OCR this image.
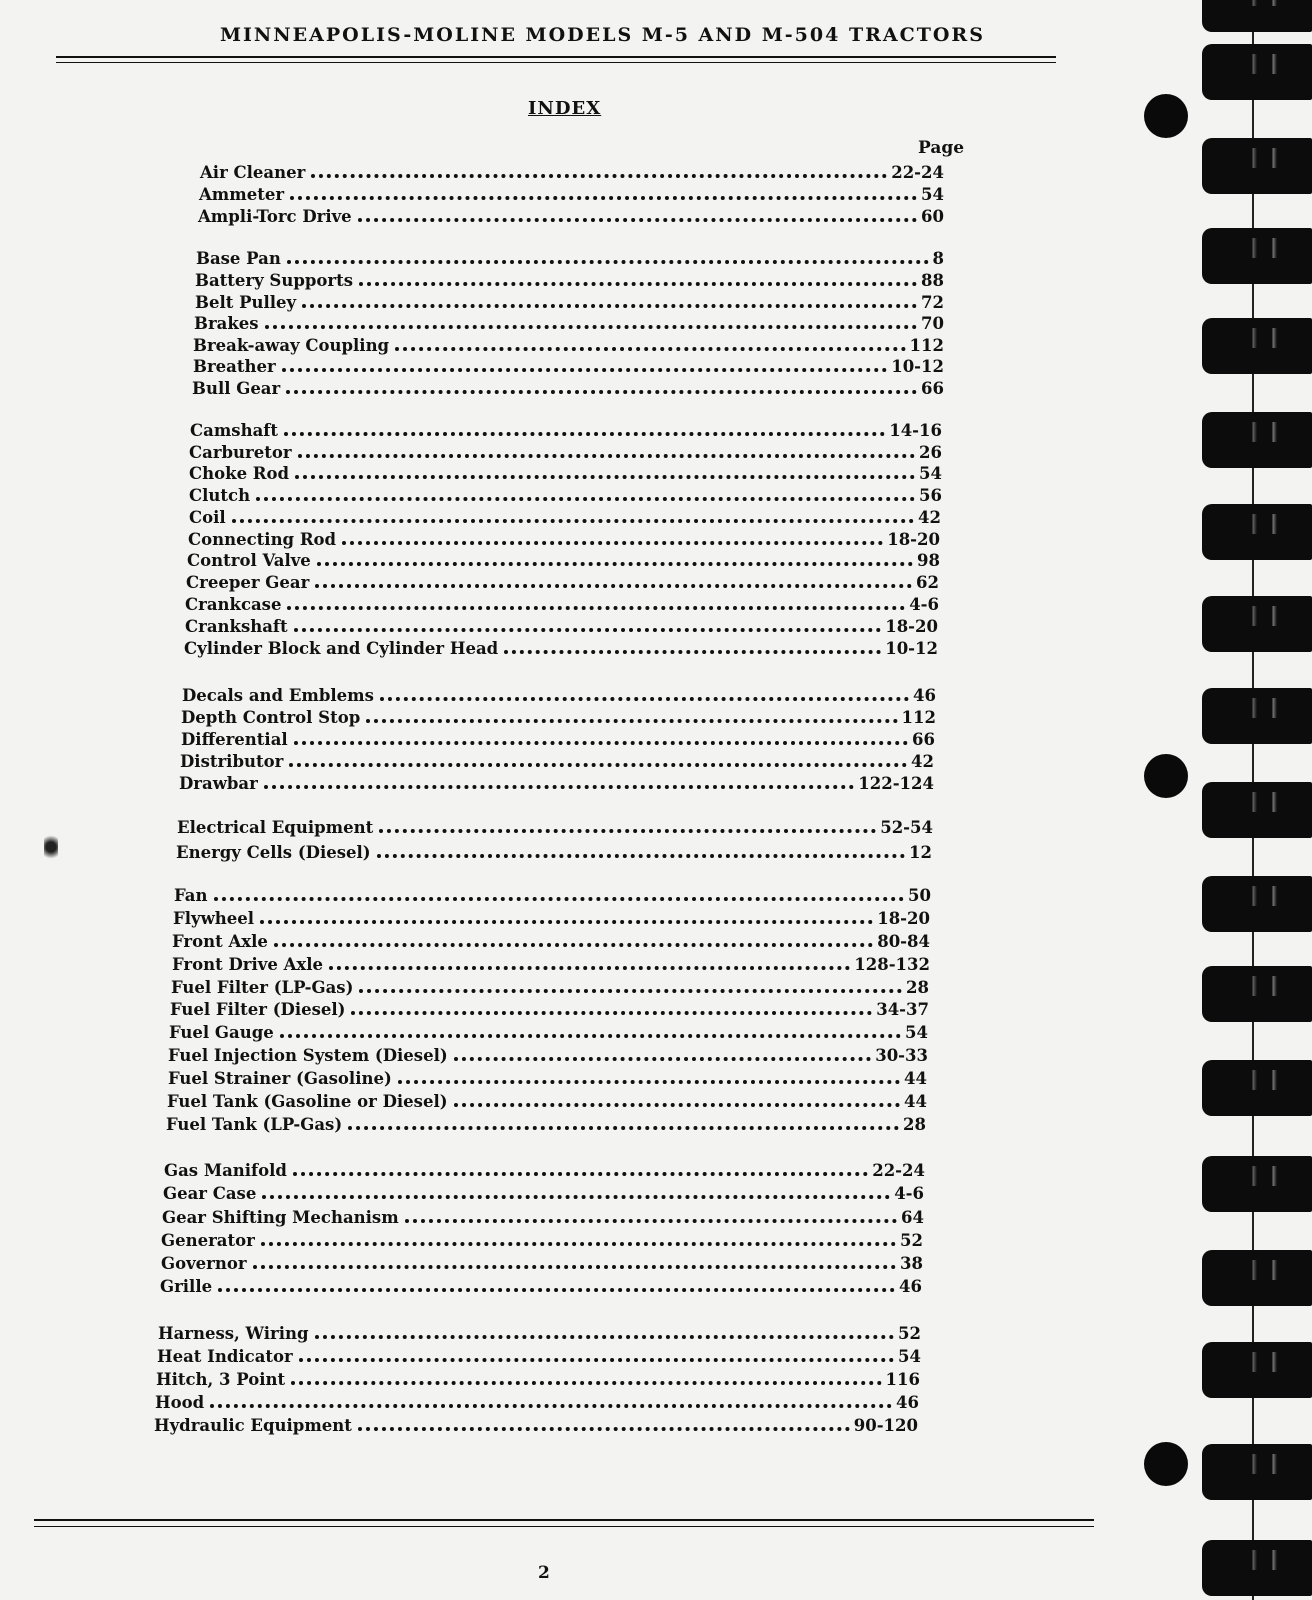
MINNEAPOLIS-MOLINE MODELS M-5 AND M-504 TRACTORS
INDEX
Page
Air Cleaner	22-24
Ammeter	54
Ampli-Torc Drive	60
Base Pan	8
Battery Supports	88
Belt Pulley	72
Brakes	70
Break-away Coupling	112
Breather	10-12
Bull Gear	66
Camshaft	14-16
Carburetor	26
Choke Rod	54
Clutch	56
Coil	42
Connecting Rod	18-20
Control Valve	98
Creeper Gear	62
Crankcase	4-6
Crankshaft	18-20
Cylinder Block and Cylinder Head	10-12
Decals and Emblems	46
Depth Control Stop	112
Differential	66
Distributor	42
Drawbar	122-124
Electrical Equipment	52-54
Energy Cells (Diesel)	12
Fan	50
Flywheel	18-20
Front Axle	80-84
Front Drive Axle	128-132
Fuel Filter (LP-Gas)	28
Fuel Filter (Diesel)	34-37
Fuel Gauge	54
Fuel Injection System (Diesel)	30-33
Fuel Strainer (Gasoline)	44
Fuel Tank (Gasoline or Diesel)	44
Fuel Tank (LP-Gas)	28
Gas Manifold	22-24
Gear Case	4-6
Gear Shifting Mechanism	64
Generator	52
Governor	38
Grille	46
Harness, Wiring	52
Heat Indicator	54
Hitch, 3 Point	116
Hood	46
Hydraulic Equipment	90-120
2
